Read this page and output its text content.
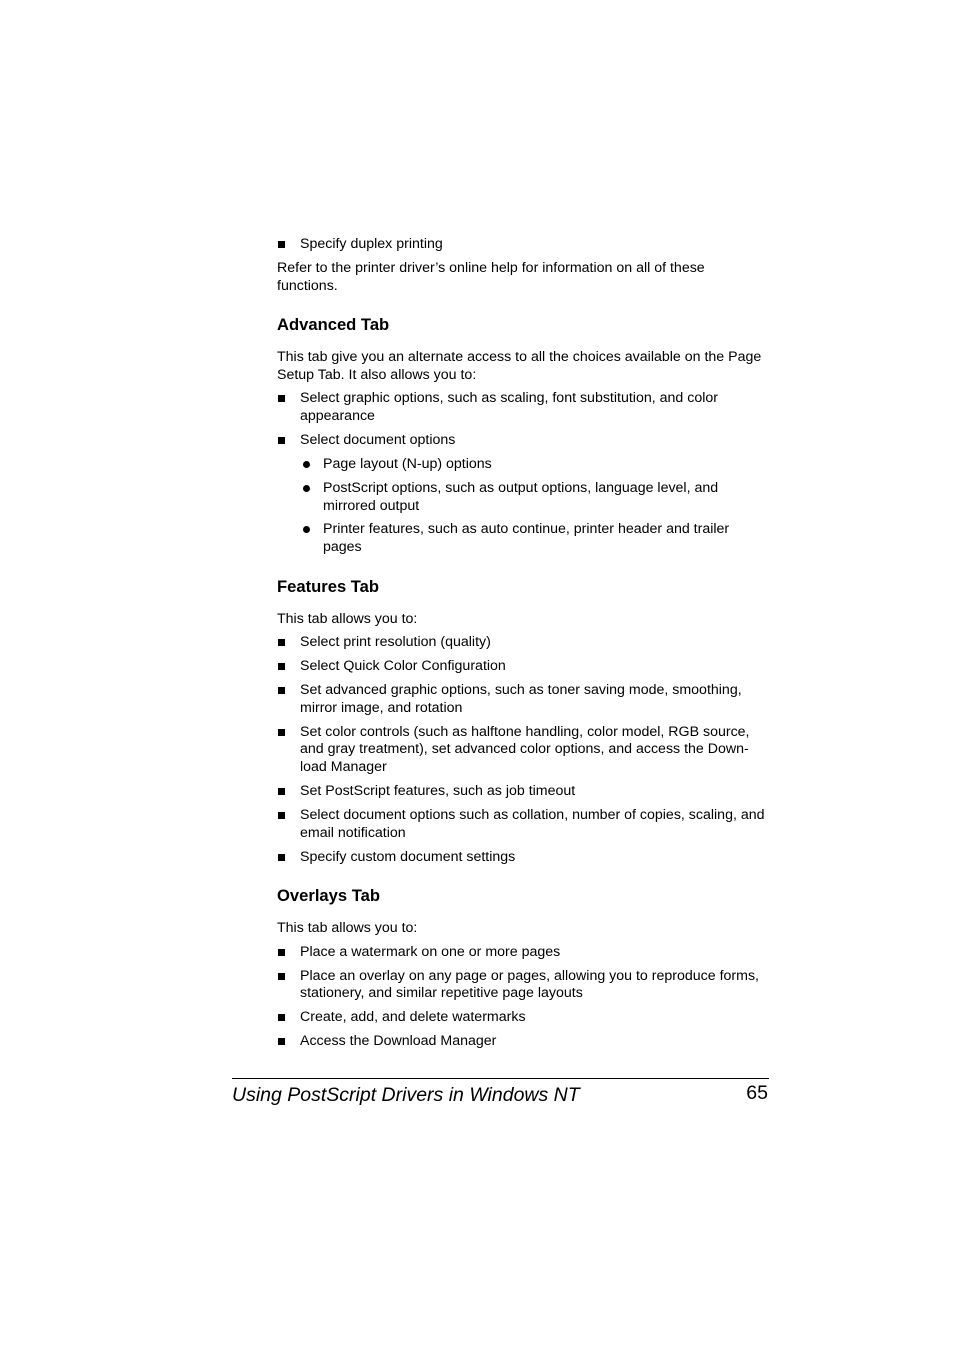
Specify duplex printing

Refer to the printer driver’s online help for information on all of these functions.

Advanced Tab

This tab give you an alternate access to all the choices available on the Page Setup Tab. It also allows you to:

Select graphic options, such as scaling, font substitution, and color appearance
Select document options
Page layout (N-up) options
PostScript options, such as output options, language level, and mirrored output
Printer features, such as auto continue, printer header and trailer pages
Features Tab

This tab allows you to:

Select print resolution (quality)
Select Quick Color Configuration
Set advanced graphic options, such as toner saving mode, smoothing, mirror image, and rotation
Set color controls (such as halftone handling, color model, RGB source, and gray treatment), set advanced color options, and access the Down-load Manager
Set PostScript features, such as job timeout
Select document options such as collation, number of copies, scaling, and email notification
Specify custom document settings
Overlays Tab

This tab allows you to:

Place a watermark on one or more pages
Place an overlay on any page or pages, allowing you to reproduce forms, stationery, and similar repetitive page layouts
Create, add, and delete watermarks
Access the Download Manager
Using PostScript Drivers in Windows NT	65
